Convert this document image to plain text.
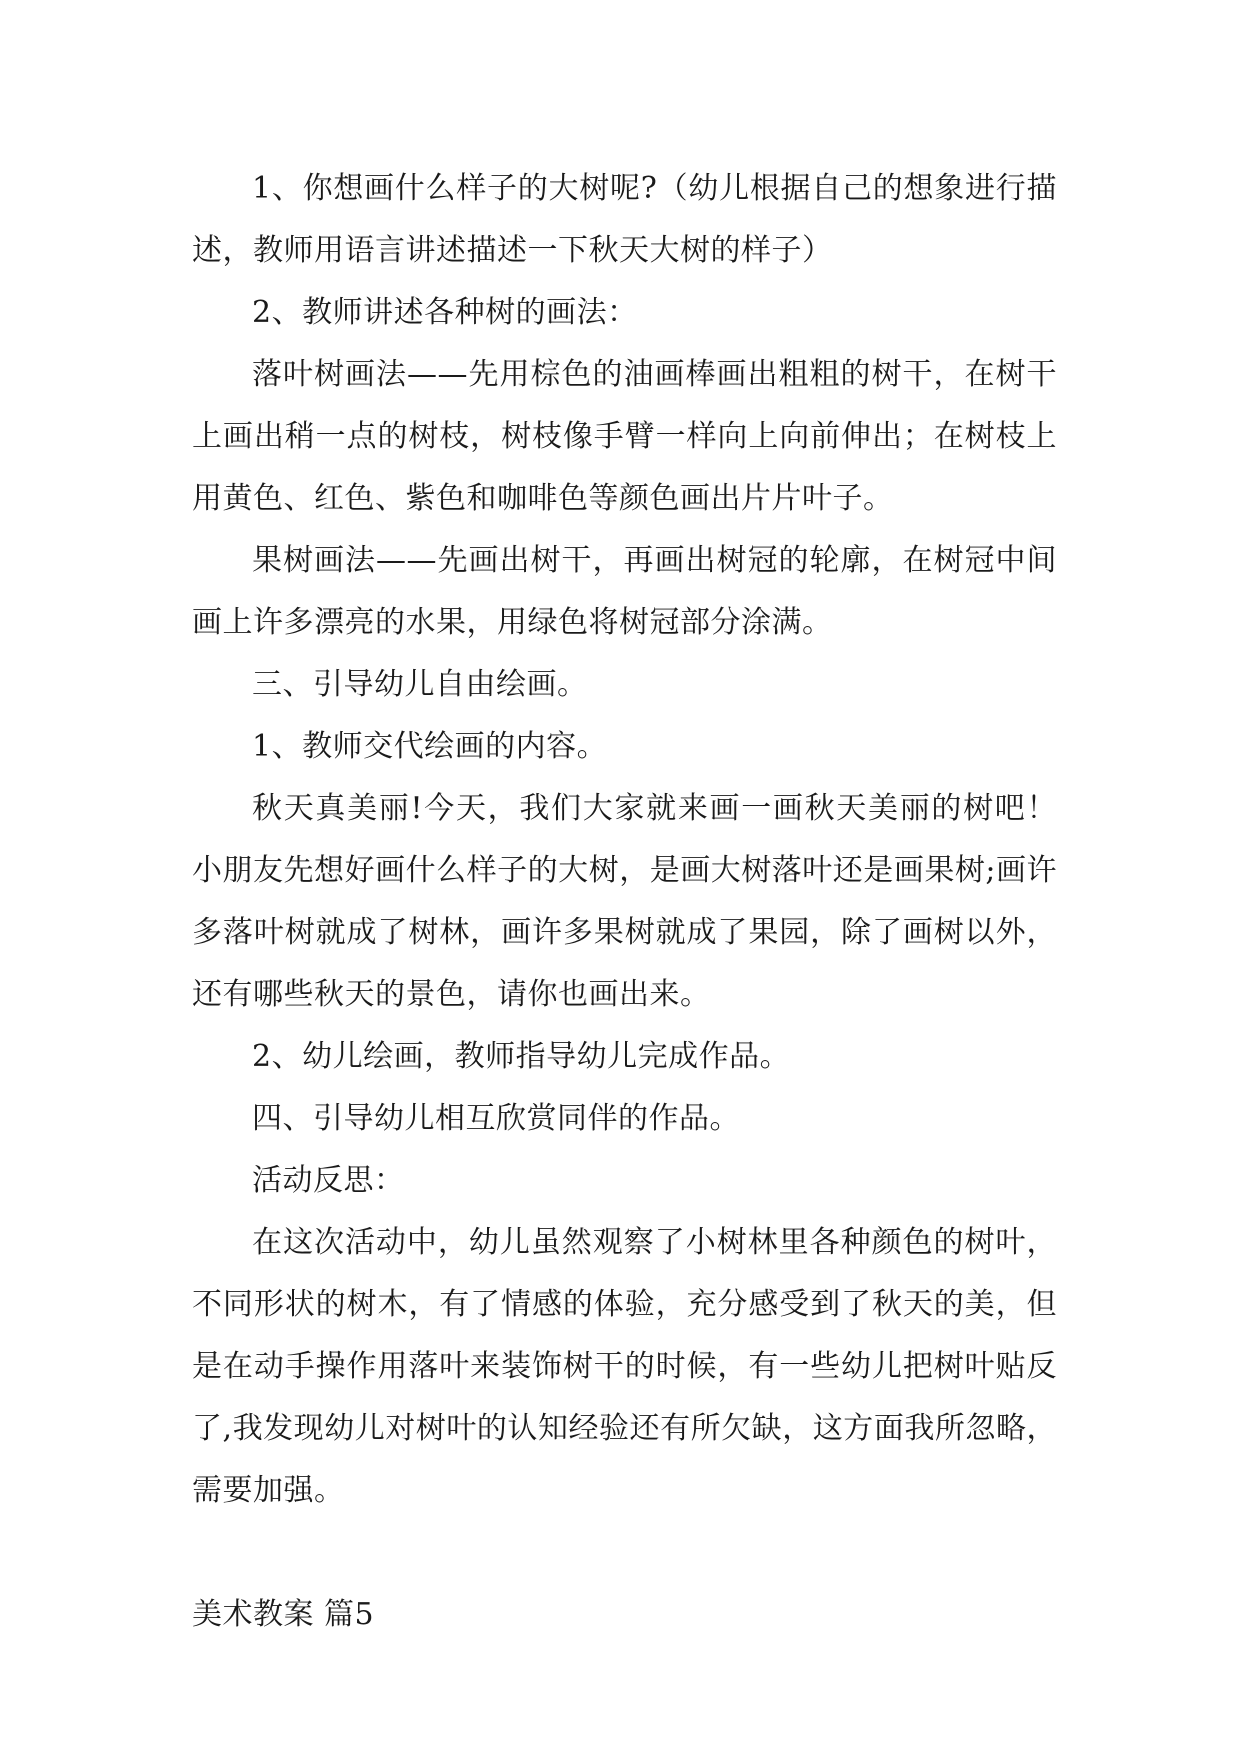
1、你想画什么样子的大树呢?（幼儿根据自己的想象进行描述，教师用语言讲述描述一下秋天大树的样子）

2、教师讲述各种树的画法：

落叶树画法——先用棕色的油画棒画出粗粗的树干，在树干上画出稍一点的树枝，树枝像手臂一样向上向前伸出；在树枝上用黄色、红色、紫色和咖啡色等颜色画出片片叶子。

果树画法——先画出树干，再画出树冠的轮廓，在树冠中间画上许多漂亮的水果，用绿色将树冠部分涂满。

三、引导幼儿自由绘画。

1、教师交代绘画的内容。

秋天真美丽!今天，我们大家就来画一画秋天美丽的树吧！小朋友先想好画什么样子的大树，是画大树落叶还是画果树;画许多落叶树就成了树林，画许多果树就成了果园，除了画树以外，还有哪些秋天的景色，请你也画出来。

2、幼儿绘画，教师指导幼儿完成作品。

四、引导幼儿相互欣赏同伴的作品。

活动反思：

在这次活动中，幼儿虽然观察了小树林里各种颜色的树叶，不同形状的树木，有了情感的体验，充分感受到了秋天的美，但是在动手操作用落叶来装饰树干的时候，有一些幼儿把树叶贴反了,我发现幼儿对树叶的认知经验还有所欠缺，这方面我所忽略，需要加强。

美术教案 篇5
